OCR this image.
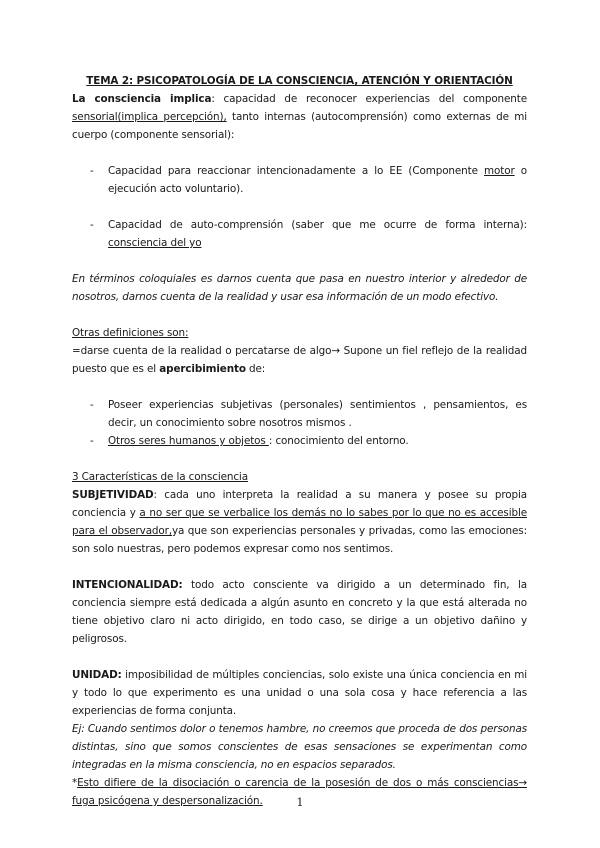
TEMA 2: PSICOPATOLOGÍA DE LA CONSCIENCIA, ATENCIÓN Y ORIENTACIÓN

La consciencia implica: capacidad de reconocer experiencias del componente sensorial(implica percepción), tanto internas (autocomprensión) como externas de mi cuerpo (componente sensorial):

- Capacidad para reaccionar intencionadamente a lo EE (Componente motor o ejecución acto voluntario).
- Capacidad de auto-comprensión (saber que me ocurre de forma interna): consciencia del yo

En términos coloquiales es darnos cuenta que pasa en nuestro interior y alrededor de nosotros, darnos cuenta de la realidad y usar esa información de un modo efectivo.

Otras definiciones son:

=darse cuenta de la realidad o percatarse de algo→ Supone un fiel reflejo de la realidad puesto que es el apercibimiento de:

- Poseer experiencias subjetivas (personales) sentimientos , pensamientos, es decir, un conocimiento sobre nosotros mismos .
- Otros seres humanos y objetos : conocimiento del entorno.

3 Características de la consciencia

SUBJETIVIDAD: cada uno interpreta la realidad a su manera y posee su propia conciencia y a no ser que se verbalice los demás no lo sabes por lo que no es accesible para el observador,ya que son experiencias personales y privadas, como las emociones: son solo nuestras, pero podemos expresar como nos sentimos.

INTENCIONALIDAD: todo acto consciente va dirigido a un determinado fin, la conciencia siempre está dedicada a algún asunto en concreto y la que está alterada no tiene objetivo claro ni acto dirigido, en todo caso, se dirige a un objetivo dañino y peligrosos.

UNIDAD: imposibilidad de múltiples conciencias, solo existe una única conciencia en mi y todo lo que experimento es una unidad o una sola cosa y hace referencia a las experiencias de forma conjunta.

Ej: Cuando sentimos dolor o tenemos hambre, no creemos que proceda de dos personas distintas, sino que somos conscientes de esas sensaciones se experimentan como integradas en la misma consciencia, no en espacios separados.

*Esto difiere de la disociación o carencia de la posesión de dos o más consciencias→ fuga psicógena y despersonalización.	1
